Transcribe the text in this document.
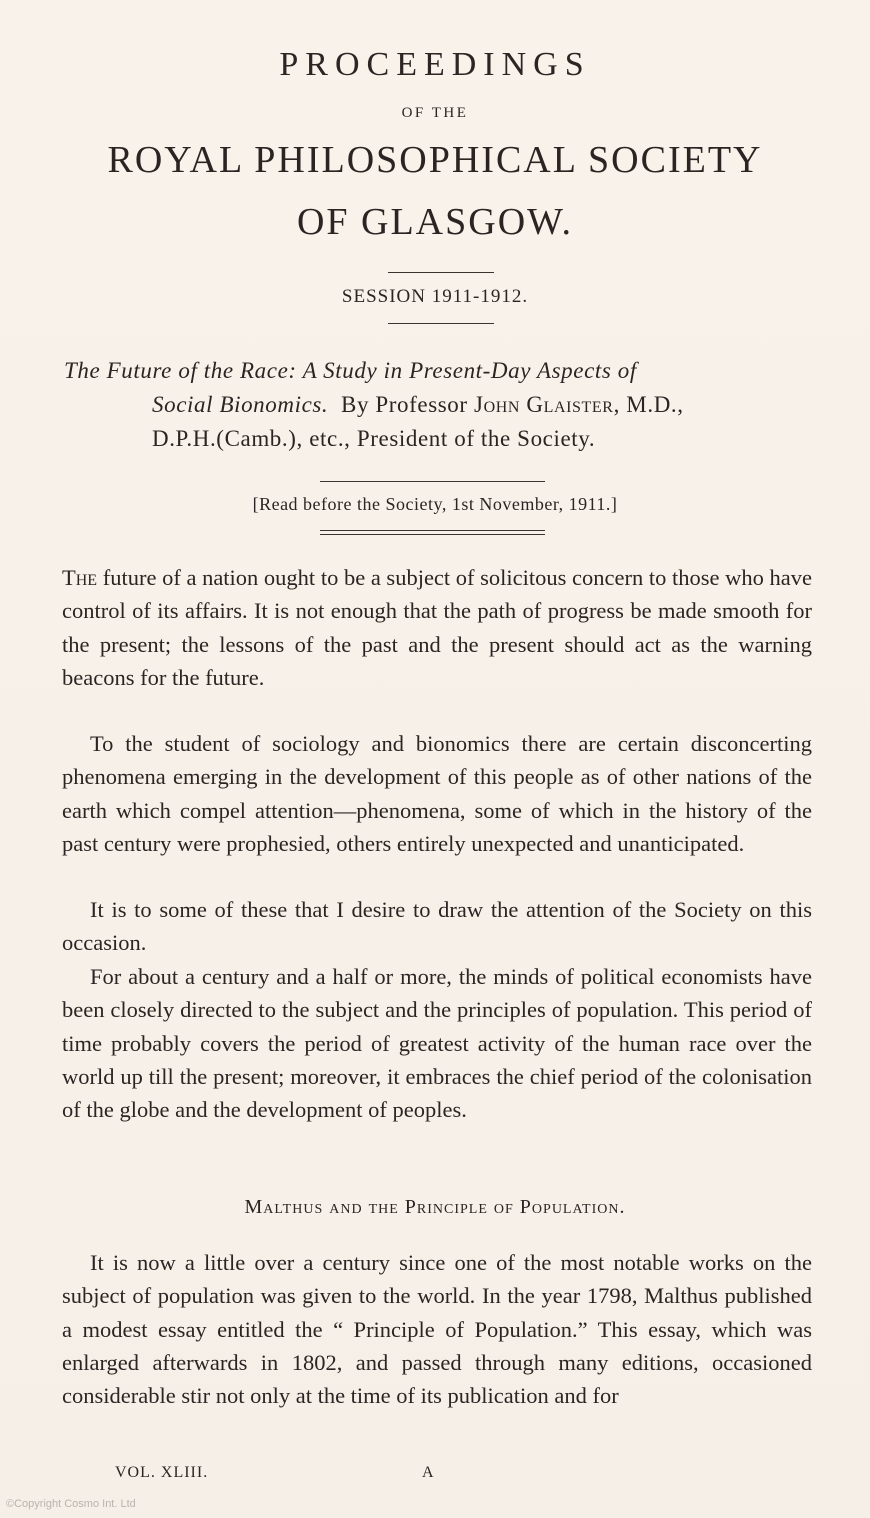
PROCEEDINGS
OF THE
ROYAL PHILOSOPHICAL SOCIETY
OF GLASGOW.
SESSION 1911-1912.
The Future of the Race: A Study in Present-Day Aspects of
Social Bionomics. By Professor John Glaister, M.D.,
D.P.H.(Camb.), etc., President of the Society.
[Read before the Society, 1st November, 1911.]

The future of a nation ought to be a subject of solicitous concern to those who have control of its affairs. It is not enough that the path of progress be made smooth for the present; the lessons of the past and the present should act as the warning beacons for the future.

To the student of sociology and bionomics there are certain disconcerting phenomena emerging in the development of this people as of other nations of the earth which compel attention—phenomena, some of which in the history of the past century were prophesied, others entirely unexpected and unanticipated.

It is to some of these that I desire to draw the attention of the Society on this occasion.

For about a century and a half or more, the minds of political economists have been closely directed to the subject and the principles of population. This period of time probably covers the period of greatest activity of the human race over the world up till the present; moreover, it embraces the chief period of the colonisation of the globe and the development of peoples.

Malthus and the Principle of Population.

It is now a little over a century since one of the most notable works on the subject of population was given to the world. In the year 1798, Malthus published a modest essay entitled the “ Principle of Population.” This essay, which was enlarged afterwards in 1802, and passed through many editions, occasioned considerable stir not only at the time of its publication and for

VOL. XLIII.	A
©Copyright Cosmo Int. Ltd
